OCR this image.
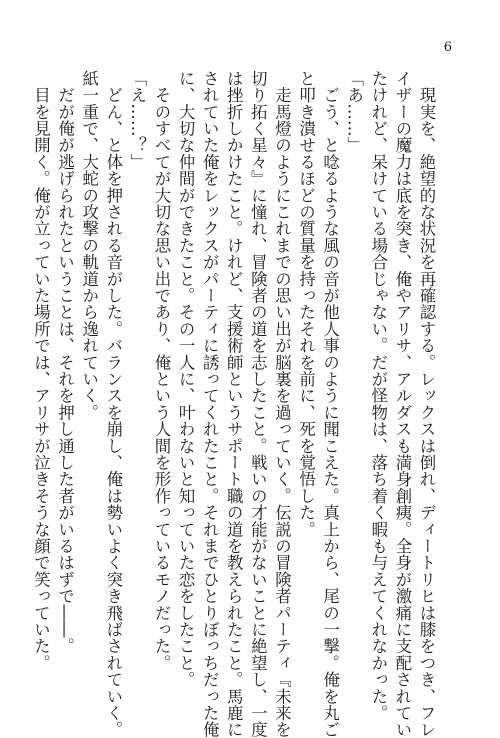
6
　現実を、絶望的な状況を再確認する。レックスは倒れ、ディートリヒは膝をつき、フレ
イザーの魔力は底を突き、俺やアリサ、アルダスも満身創痍。全身が激痛に支配されてい
たけれど、呆けている場合じゃない。だが怪物は、落ち着く暇も与えてくれなかった。
「あ……」
　ごう、と唸るような風の音が他人事のように聞こえた。真上から、尾の一撃。俺を丸ご
と叩き潰せるほどの質量を持ったそれを前に、死を覚悟した。
　走馬燈のようにこれまでの思い出が脳裏を過っていく。伝説の冒険者パーティ『未来を
切り拓く星々』に憧れ、冒険者の道を志したこと。戦いの才能がないことに絶望し、一度
は挫折しかけたこと。けれど、支援術師というサポート職の道を教えられたこと。馬鹿に
されていた俺をレックスがパーティに誘ってくれたこと。それまでひとりぼっちだった俺
に、大切な仲間ができたこと。その一人に、叶わないと知っていた恋をしたこと。
　そのすべてが大切な思い出であり、俺という人間を形作っているモノだった。
「え……？」
　どん、と体を押される音がした。バランスを崩し、俺は勢いよく突き飛ばされていく。
紙一重で、大蛇の攻撃の軌道から逸れていく。
　だが俺が逃げられたということは、それを押し通した者がいるはずで――。
　目を見開く。俺が立っていた場所では、アリサが泣きそうな顔で笑っていた。
